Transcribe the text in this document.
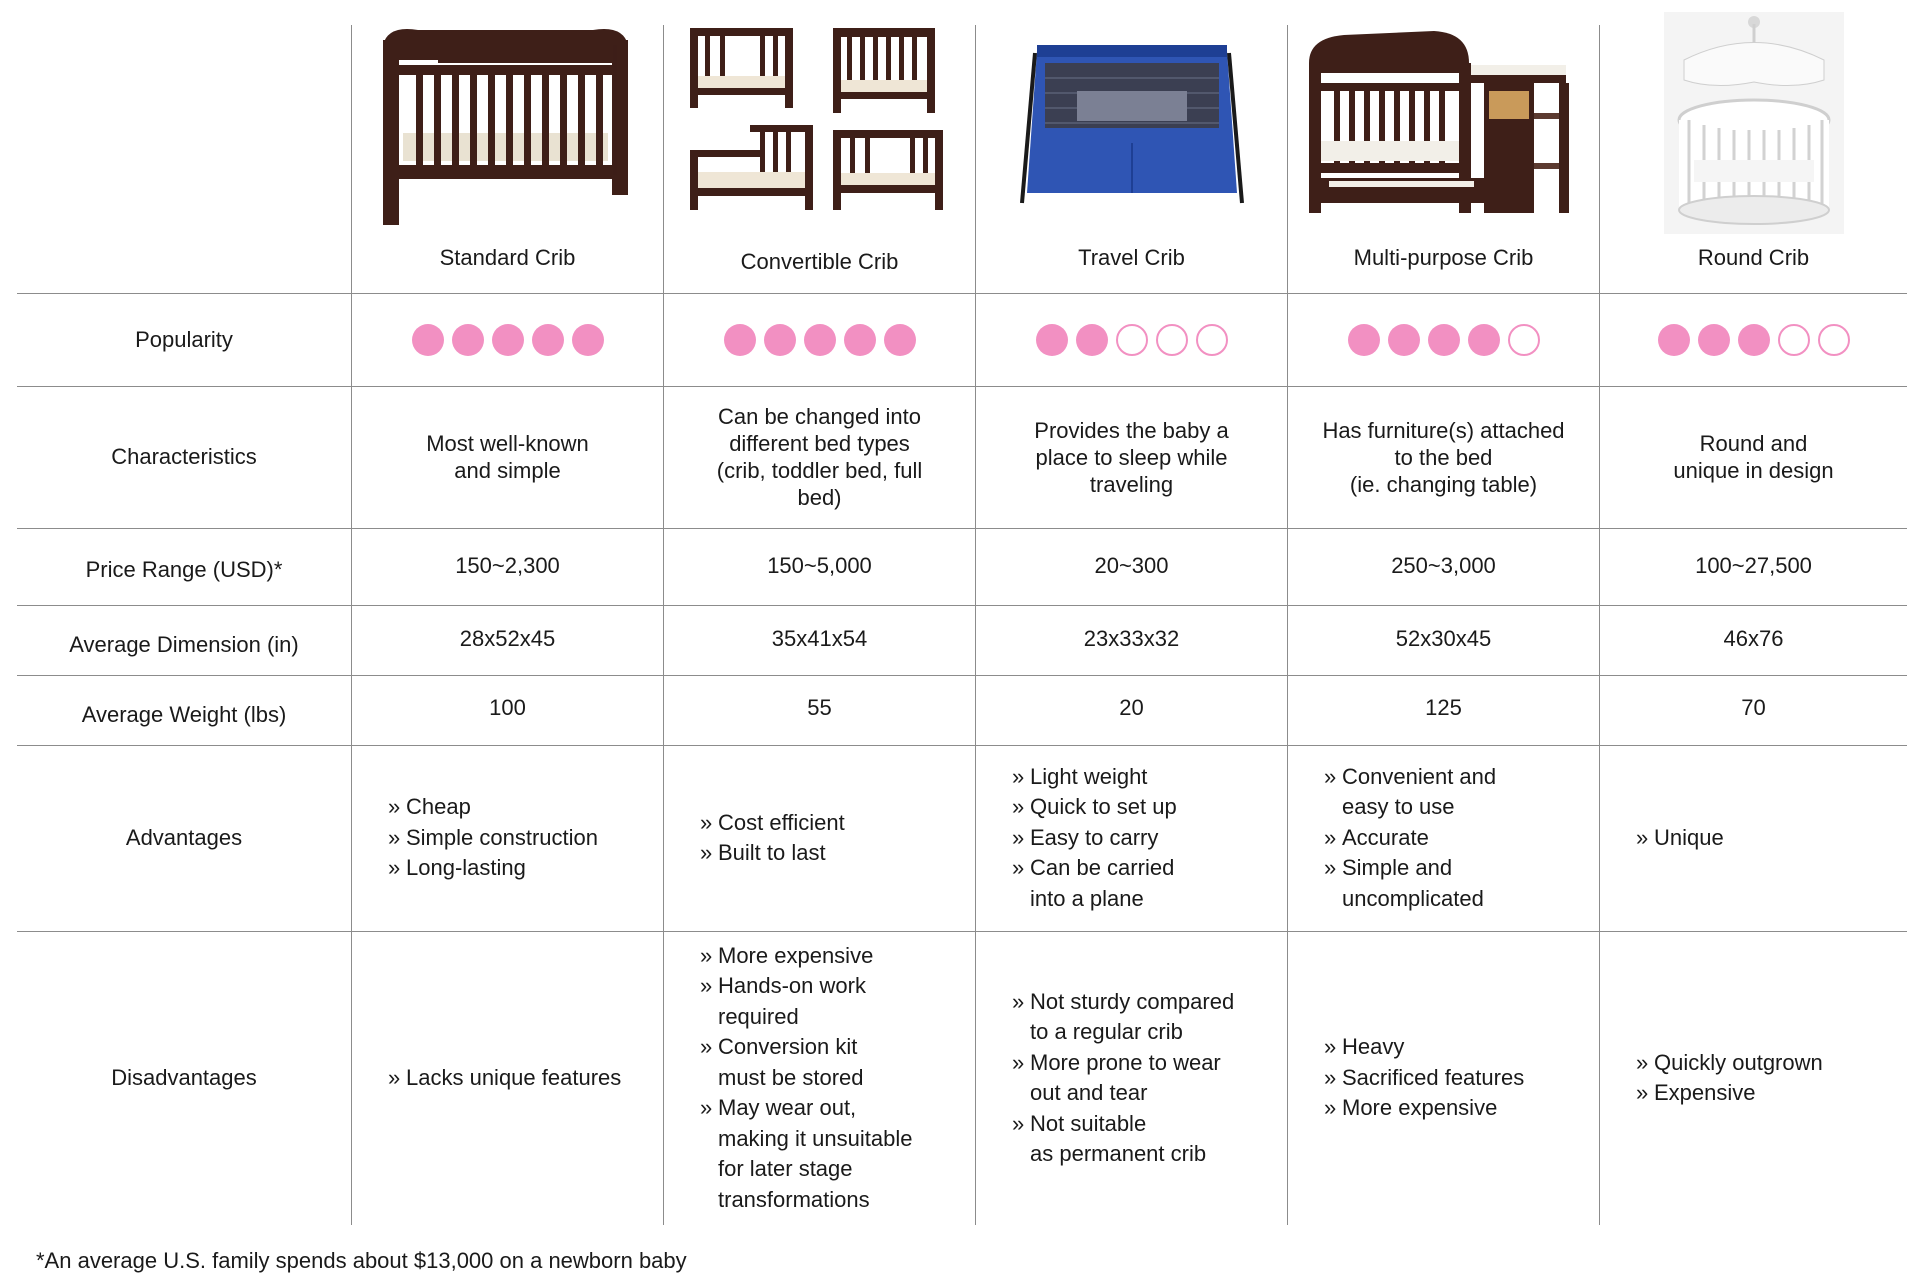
Popularity
Characteristics
Price Range (USD)*
Average Dimension (in)
Average Weight (lbs)
Advantages
Disadvantages
Standard Crib
Most well-known
and simple
150~2,300
28x52x45
100
» Cheap
» Simple construction
» Long-lasting
» Lacks unique features
Convertible Crib
Can be changed into
different bed types
(crib, toddler bed, full
bed)
150~5,000
35x41x54
55
» Cost efficient
» Built to last
» More expensive
» Hands-on work
required
» Conversion kit
must be stored
» May wear out,
making it unsuitable
for later stage
transformations
Travel Crib
Provides the baby a
place to sleep while
traveling
20~300
23x33x32
20
» Light weight
» Quick to set up
» Easy to carry
» Can be carried
into a plane
» Not sturdy compared
to a regular crib
» More prone to wear
out and tear
» Not suitable
as permanent crib
Multi-purpose Crib
Has furniture(s) attached
to the bed
(ie. changing table)
250~3,000
52x30x45
125
» Convenient and
easy to use
» Accurate
» Simple and
uncomplicated
» Heavy
» Sacrificed features
» More expensive
Round Crib
Round and
unique in design
100~27,500
46x76
70
» Unique
» Quickly outgrown
» Expensive
*An average U.S. family spends about $13,000 on a newborn baby
